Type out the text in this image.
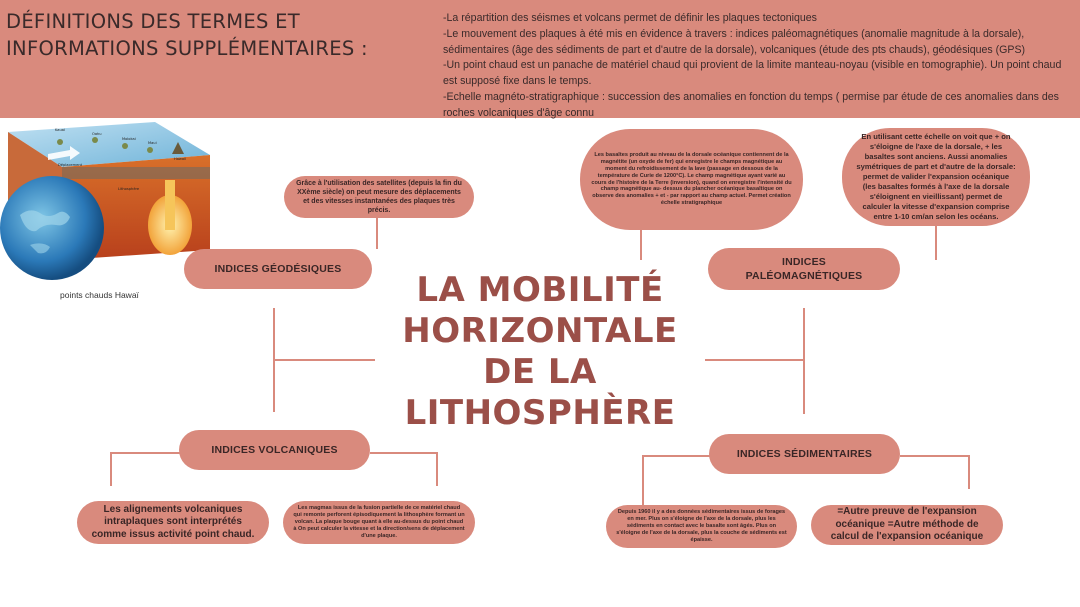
DÉFINITIONS DES TERMES ET INFORMATIONS SUPPLÉMENTAIRES :

-La répartition des séismes et volcans permet de définir les plaques tectoniques

-Le mouvement des plaques à été mis en évidence à travers : indices paléomagnétiques (anomalie magnitude à la dorsale), sédimentaires (âge des sédiments de part et d'autre de la dorsale), volcaniques (étude des pts chauds), géodésiques (GPS)

-Un point chaud est un panache de matériel chaud qui provient de la limite manteau-noyau (visible en tomographie). Un point chaud est supposé fixe dans le temps.

-Echelle magnéto-stratigraphique : succession des anomalies en fonction du temps ( permise par étude de ces anomalies dans des roches volcaniques d'âge connu

Kauai
Oahu
Molokai
Maui
Hawaii
Déplacement
Lithosphère
points chauds Hawaï	LA MOBILITÉ
HORIZONTALE
DE LA
LITHOSPHÈRE
Grâce à l'utilisation des satellites (depuis la fin du XXème siècle) on peut mesure des déplacements et des vitesses instantanées des plaques très précis.
INDICES GÉODÉSIQUES
Les basaltes produit au niveau de la dorsale océanique contiennent de la magnétite (un oxyde de fer) qui enregistre le champs magnétique au moment du refroidissement de la lave (passage en dessous de la température de Curie de 1200°C). Le champ magnétique ayant varié au cours de l'histoire de la Terre (inversion), quand on enregistre l'intensité du champ magnétique au- dessus du plancher océanique basaltique on observe des anomalies + et - par rapport au champ actuel. Permet création échelle stratigraphique
En utilisant cette échelle on voit que + on s'éloigne de l'axe de la dorsale, + les basaltes sont anciens. Aussi anomalies symétriques de part et d'autre de la dorsale: permet de valider l'expansion océanique (les basaltes formés à l'axe de la dorsale s'éloignent en vieillissant) permet de calculer la vitesse d'expansion comprise entre 1-10 cm/an selon les océans.
INDICES PALÉOMAGNÉTIQUES
INDICES VOLCANIQUES
Les alignements volcaniques intraplaques sont interprétés comme issus activité point chaud.
Les magmas issus de la fusion partielle de ce matériel chaud qui remonte perforent épisodiquement la lithosphère formant un volcan. La plaque bouge quant à elle au-dessus du point chaud à On peut calculer la vitesse et la direction/sens de déplacement d'une plaque.
INDICES SÉDIMENTAIRES
Depuis 1960 il y a des données sédimentaires issus de forages en mer. Plus on s'éloigne de l'axe de la dorsale, plus les sédiments en contact avec le basalte sont âgés. Plus on s'éloigne de l'axe de la dorsale, plus la couche de sédiments est épaisse.
=Autre preuve de l'expansion océanique =Autre méthode de calcul de l'expansion océanique
